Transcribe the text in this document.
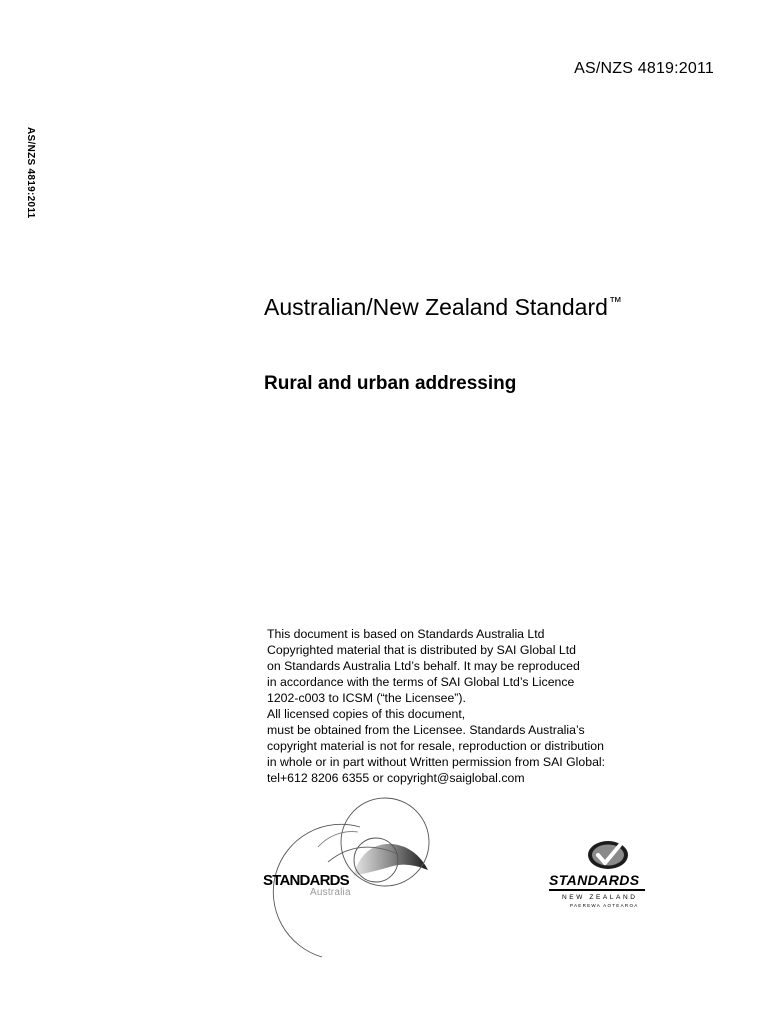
AS/NZS 4819:2011
AS/NZS 4819:2011
Australian/New Zealand Standard™
Rural and urban addressing
This document is based on Standards Australia Ltd
Copyrighted material that is distributed by SAI Global Ltd
on Standards Australia Ltd’s behalf. It may be reproduced
in accordance with the terms of SAI Global Ltd’s Licence
1202-c003 to ICSM (“the Licensee”).
All licensed copies of this document,
must be obtained from the Licensee. Standards Australia’s
copyright material is not for resale, reproduction or distribution
in whole or in part without Written permission from SAI Global:
tel+612 8206 6355 or copyright@saiglobal.com
STANDARDS
Australia
STANDARDS
NEW ZEALAND
PAEREWA AOTEAROA
